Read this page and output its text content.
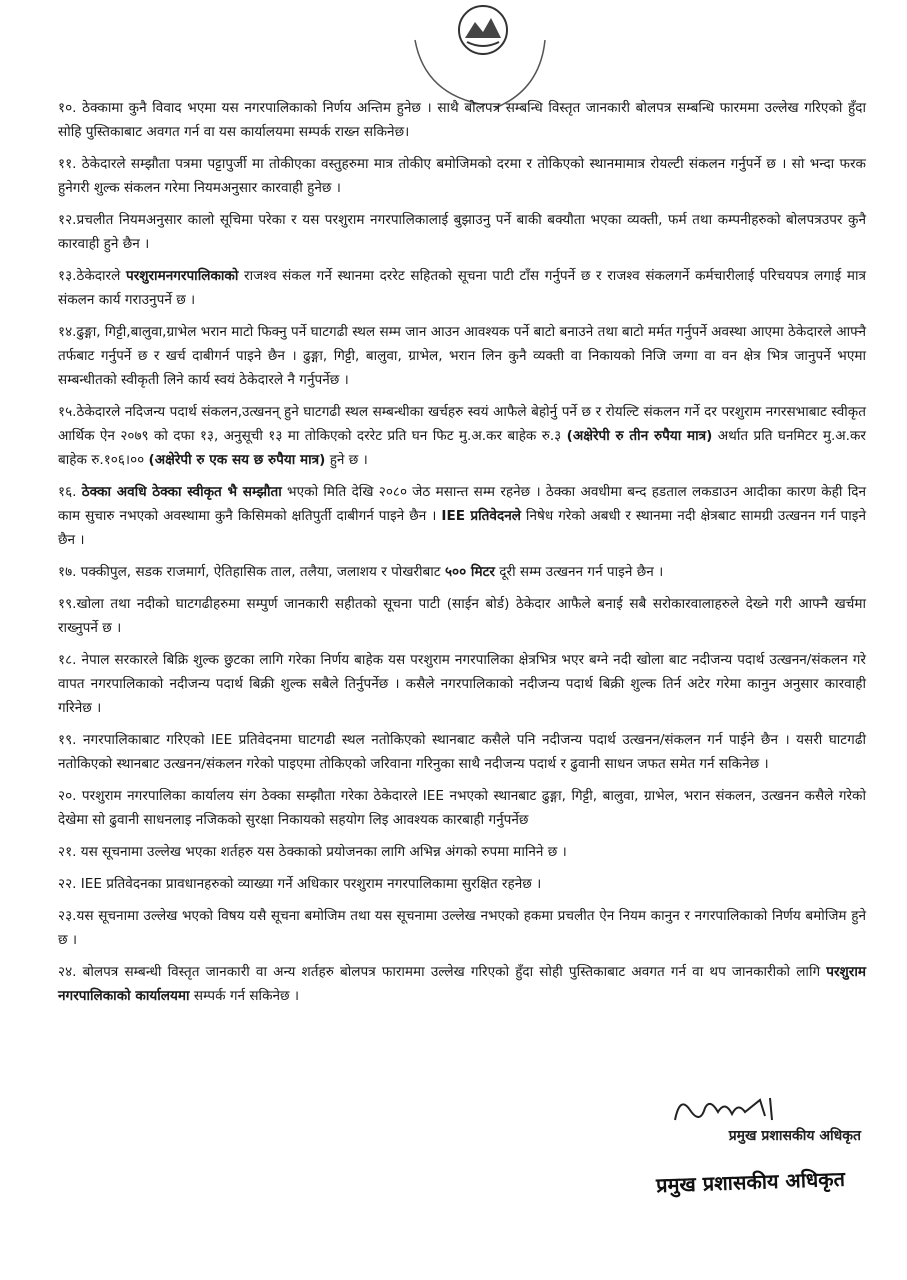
१०. ठेक्कामा कुनै विवाद भएमा यस नगरपालिकाको निर्णय अन्तिम हुनेछ । साथै बोलपत्र सम्बन्धि विस्तृत जानकारी बोलपत्र सम्बन्धि फारममा उल्लेख गरिएको हुँदा सोहि पुस्तिकाबाट अवगत गर्न वा यस कार्यालयमा सम्पर्क राख्न सकिनेछ।

११. ठेकेदारले सम्झौता पत्रमा पट्टापुर्जी मा तोकीएका वस्तुहरुमा मात्र तोकीए बमोजिमको दरमा र तोकिएको स्थानमामात्र रोयल्टी संकलन गर्नुपर्ने छ । सो भन्दा फरक हुनेगरी शुल्क संकलन गरेमा नियमअनुसार कारवाही हुनेछ ।

१२.प्रचलीत नियमअनुसार कालो सूचिमा परेका र यस परशुराम नगरपालिकालाई बुझाउनु पर्ने बाकी बक्यौता भएका व्यक्ती, फर्म तथा कम्पनीहरुको बोलपत्रउपर कुनै कारवाही हुने छैन ।

१३.ठेकेदारले परशुरामनगरपालिकाको राजश्व संकल गर्ने स्थानमा दररेट सहितको सूचना पाटी टाँस गर्नुपर्ने छ र राजश्व संकलगर्ने कर्मचारीलाई परिचयपत्र लगाई मात्र संकलन कार्य गराउनुपर्ने छ ।

१४.ढुङ्गा, गिट्टी,बालुवा,ग्राभेल भरान माटो फिक्नु पर्ने घाटगढी स्थल सम्म जान आउन आवश्यक पर्ने बाटो बनाउने तथा बाटो मर्मत गर्नुपर्ने अवस्था आएमा ठेकेदारले आफ्नै तर्फबाट गर्नुपर्ने छ र खर्च दाबीगर्न पाइने छैन । ढुङ्गा, गिट्टी, बालुवा, ग्राभेल, भरान लिन कुनै व्यक्ती वा निकायको निजि जग्गा वा वन क्षेत्र भित्र जानुपर्ने भएमा सम्बन्धीतको स्वीकृती लिने कार्य स्वयं ठेकेदारले नै गर्नुपर्नेछ ।

१५.ठेकेदारले नदिजन्य पदार्थ संकलन,उत्खनन् हुने घाटगढी स्थल सम्बन्धीका खर्चहरु स्वयं आफैले बेहोर्नु पर्ने छ र रोयल्टि संकलन गर्ने दर परशुराम नगरसभाबाट स्वीकृत आर्थिक ऐन २०७९ को दफा १३, अनुसूची १३ मा तोकिएको दररेट प्रति घन फिट मु.अ.कर बाहेक रु.३ (अक्षेरेपी रु तीन रुपैया मात्र) अर्थात प्रति घनमिटर मु.अ.कर बाहेक रु.१०६।०० (अक्षेरेपी रु एक सय छ रुपैया मात्र) हुने छ ।

१६. ठेक्का अवधि ठेक्का स्वीकृत भै सम्झौता भएको मिति देखि २०८० जेठ मसान्त सम्म रहनेछ । ठेक्का अवधीमा बन्द हडताल लकडाउन आदीका कारण केही दिन काम सुचारु नभएको अवस्थामा कुनै किसिमको क्षतिपुर्ती दाबीगर्न पाइने छैन । IEE प्रतिवेदनले निषेध गरेको अबधी र स्थानमा नदी क्षेत्रबाट सामग्री उत्खनन गर्न पाइने छैन ।

१७. पक्कीपुल, सडक राजमार्ग, ऐतिहासिक ताल, तलैया, जलाशय र पोखरीबाट ५०० मिटर दूरी सम्म उत्खनन गर्न पाइने छैन ।

१९.खोला तथा नदीको घाटगढीहरुमा सम्पुर्ण जानकारी सहीतको सूचना पाटी (साईन बोर्ड) ठेकेदार आफैले बनाई सबै सरोकारवालाहरुले देख्ने गरी आफ्नै खर्चमा राख्नुपर्ने छ ।

१८. नेपाल सरकारले बिक्रि शुल्क छुटका लागि गरेका निर्णय बाहेक यस परशुराम नगरपालिका क्षेत्रभित्र भएर बग्ने नदी खोला बाट नदीजन्य पदार्थ उत्खनन/संकलन गरे वापत नगरपालिकाको नदीजन्य पदार्थ बिक्री शुल्क सबैले तिर्नुपर्नेछ । कसैले नगरपालिकाको नदीजन्य पदार्थ बिक्री शुल्क तिर्न अटेर गरेमा कानुन अनुसार कारवाही गरिनेछ ।

१९. नगरपालिकाबाट गरिएको IEE प्रतिवेदनमा घाटगढी स्थल नतोकिएको स्थानबाट कसैले पनि नदीजन्य पदार्थ उत्खनन/संकलन गर्न पाईने छैन । यसरी घाटगढी नतोकिएको स्थानबाट उत्खनन/संकलन गरेको पाइएमा तोकिएको जरिवाना गरिनुका साथै नदीजन्य पदार्थ र ढुवानी साधन जफत समेत गर्न सकिनेछ ।

२०. परशुराम नगरपालिका कार्यालय संग ठेक्का सम्झौता गरेका ठेकेदारले IEE नभएको स्थानबाट ढुङ्गा, गिट्टी, बालुवा, ग्राभेल, भरान संकलन, उत्खनन कसैले गरेको देखेमा सो ढुवानी साधनलाइ नजिकको सुरक्षा निकायको सहयोग लिइ आवश्यक कारबाही गर्नुपर्नेछ

२१. यस सूचनामा उल्लेख भएका शर्तहरु यस ठेक्काको प्रयोजनका लागि अभिन्न अंगको रुपमा मानिने छ ।

२२. IEE प्रतिवेदनका प्रावधानहरुको व्याख्या गर्ने अधिकार परशुराम नगरपालिकामा सुरक्षित रहनेछ ।

२३.यस सूचनामा उल्लेख भएको विषय यसै सूचना बमोजिम तथा यस सूचनामा उल्लेख नभएको हकमा प्रचलीत ऐन नियम कानुन र नगरपालिकाको निर्णय बमोजिम हुने छ ।

२४. बोलपत्र सम्बन्धी विस्तृत जानकारी वा अन्य शर्तहरु बोलपत्र फाराममा उल्लेख गरिएको हुँदा सोही पुस्तिकाबाट अवगत गर्न वा थप जानकारीको लागि परशुराम नगरपालिकाको कार्यालयमा सम्पर्क गर्न सकिनेछ ।

प्रमुख प्रशासकीय अधिकृत
प्रमुख प्रशासकीय अधिकृत
